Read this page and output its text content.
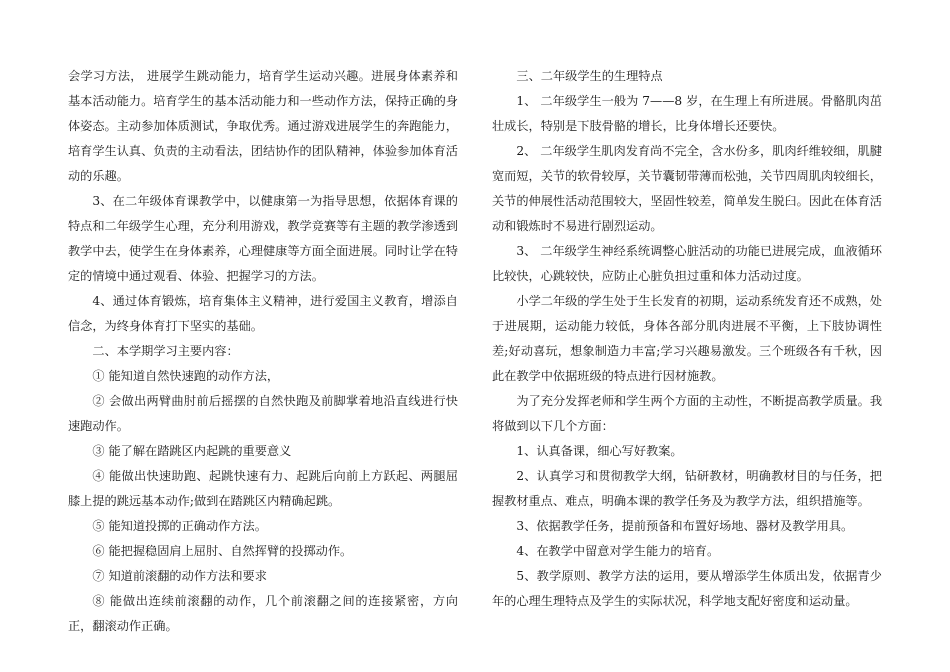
会学习方法， 进展学生跳动能力，培育学生运动兴趣。进展身体素养和基本活动能力。培育学生的基本活动能力和一些动作方法，保持正确的身体姿态。主动参加体质测试，争取优秀。通过游戏进展学生的奔跑能力，培育学生认真、负责的主动看法，团结协作的团队精神，体验参加体育活动的乐趣。

3、在二年级体育课教学中，以健康第一为指导思想，依据体育课的特点和二年级学生心理，充分利用游戏，教学竞赛等有主题的教学渗透到教学中去，使学生在身体素养，心理健康等方面全面进展。同时让学在特定的情境中通过观看、体验、把握学习的方法。

4、通过体育锻炼，培育集体主义精神，进行爱国主义教育，增添自信念，为终身体育打下坚实的基础。

二、本学期学习主要内容：

① 能知道自然快速跑的动作方法，

② 会做出两臂曲肘前后摇摆的自然快跑及前脚掌着地沿直线进行快速跑动作。

③ 能了解在踏跳区内起跳的重要意义

④ 能做出快速助跑、起跳快速有力、起跳后向前上方跃起、两腿屈膝上提的跳远基本动作;做到在踏跳区内精确起跳。

⑤ 能知道投掷的正确动作方法。

⑥ 能把握稳固肩上屈肘、自然挥臂的投掷动作。

⑦ 知道前滚翻的动作方法和要求

⑧ 能做出连续前滚翻的动作，几个前滚翻之间的连接紧密，方向正，翻滚动作正确。

三、二年级学生的生理特点

1、 二年级学生一般为 7——8 岁，在生理上有所进展。骨骼肌肉茁壮成长，特别是下肢骨骼的增长，比身体增长还要快。

2、 二年级学生肌肉发育尚不完全，含水份多，肌肉纤维较细，肌腱宽而短，关节的软骨较厚，关节囊韧带薄而松弛，关节四周肌肉较细长，关节的伸展性活动范围较大，坚固性较差，简单发生脱臼。因此在体育活动和锻炼时不易进行剧烈运动。

3、 二年级学生神经系统调整心脏活动的功能已进展完成，血液循环比较快，心跳较快，应防止心脏负担过重和体力活动过度。

小学二年级的学生处于生长发育的初期，运动系统发育还不成熟，处于进展期，运动能力较低，身体各部分肌肉进展不平衡，上下肢协调性差;好动喜玩，想象制造力丰富;学习兴趣易激发。三个班级各有千秋，因此在教学中依据班级的特点进行因材施教。

为了充分发挥老师和学生两个方面的主动性，不断提高教学质量。我将做到以下几个方面：

1、认真备课，细心写好教案。

2、认真学习和贯彻教学大纲，钻研教材，明确教材目的与任务，把握教材重点、难点，明确本课的教学任务及为教学方法，组织措施等。

3、依据教学任务，提前预备和布置好场地、器材及教学用具。

4、在教学中留意对学生能力的培育。

5、教学原则、教学方法的运用，要从增添学生体质出发，依据青少年的心理生理特点及学生的实际状况，科学地支配好密度和运动量。
